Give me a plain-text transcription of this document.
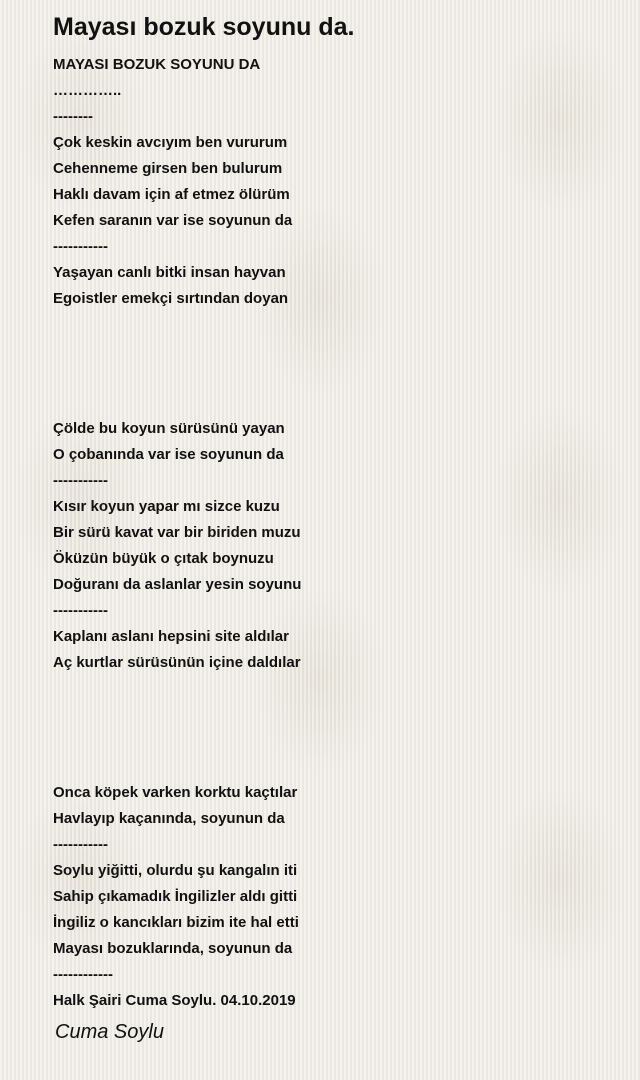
Mayası bozuk soyunu da.
MAYASI BOZUK SOYUNU DA
…………..
--------
Çok keskin avcıyım ben vururum
Cehenneme girsen ben bulurum
Haklı davam için af etmez ölürüm
Kefen saranın var ise soyunun da
-----------
Yaşayan canlı bitki insan hayvan
Egoistler emekçi sırtından doyan
Çölde bu koyun sürüsünü yayan
O çobanında var ise soyunun da
-----------
Kısır koyun yapar mı sizce kuzu
Bir sürü kavat var bir biriden muzu
Öküzün büyük o çıtak boynuzu
Doğuranı da aslanlar yesin soyunu
-----------
Kaplanı aslanı hepsini site aldılar
Aç kurtlar sürüsünün içine daldılar
Onca köpek varken korktu kaçtılar
Havlayıp kaçanında, soyunun da
-----------
Soylu yiğitti, olurdu şu kangalın iti
Sahip çıkamadık İngilizler aldı gitti
İngiliz o kancıkları bizim ite hal etti
Mayası bozuklarında, soyunun da
------------
Halk Şairi Cuma Soylu. 04.10.2019
Cuma Soylu
